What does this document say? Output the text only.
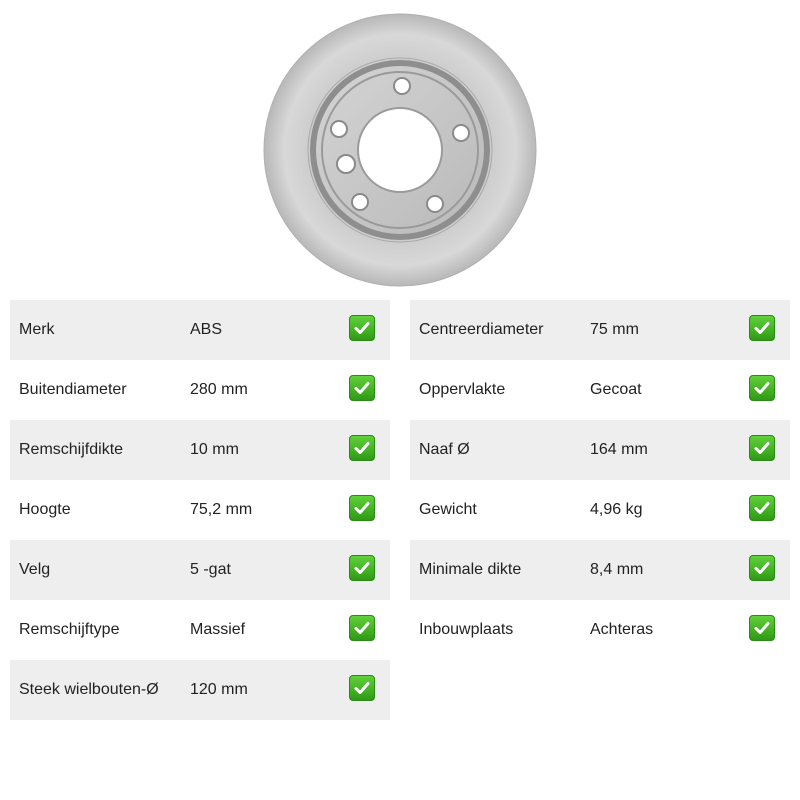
Merk	ABS
Buitendiameter	280 mm
Remschijfdikte	10 mm
Hoogte	75,2 mm
Velg	5 -gat
Remschijftype	Massief
Steek wielbouten-Ø 120 mm
Centreerdiameter	75 mm
Oppervlakte	Gecoat
Naaf Ø	164 mm
Gewicht	4,96 kg
Minimale dikte	8,4 mm
Inbouwplaats	Achteras
